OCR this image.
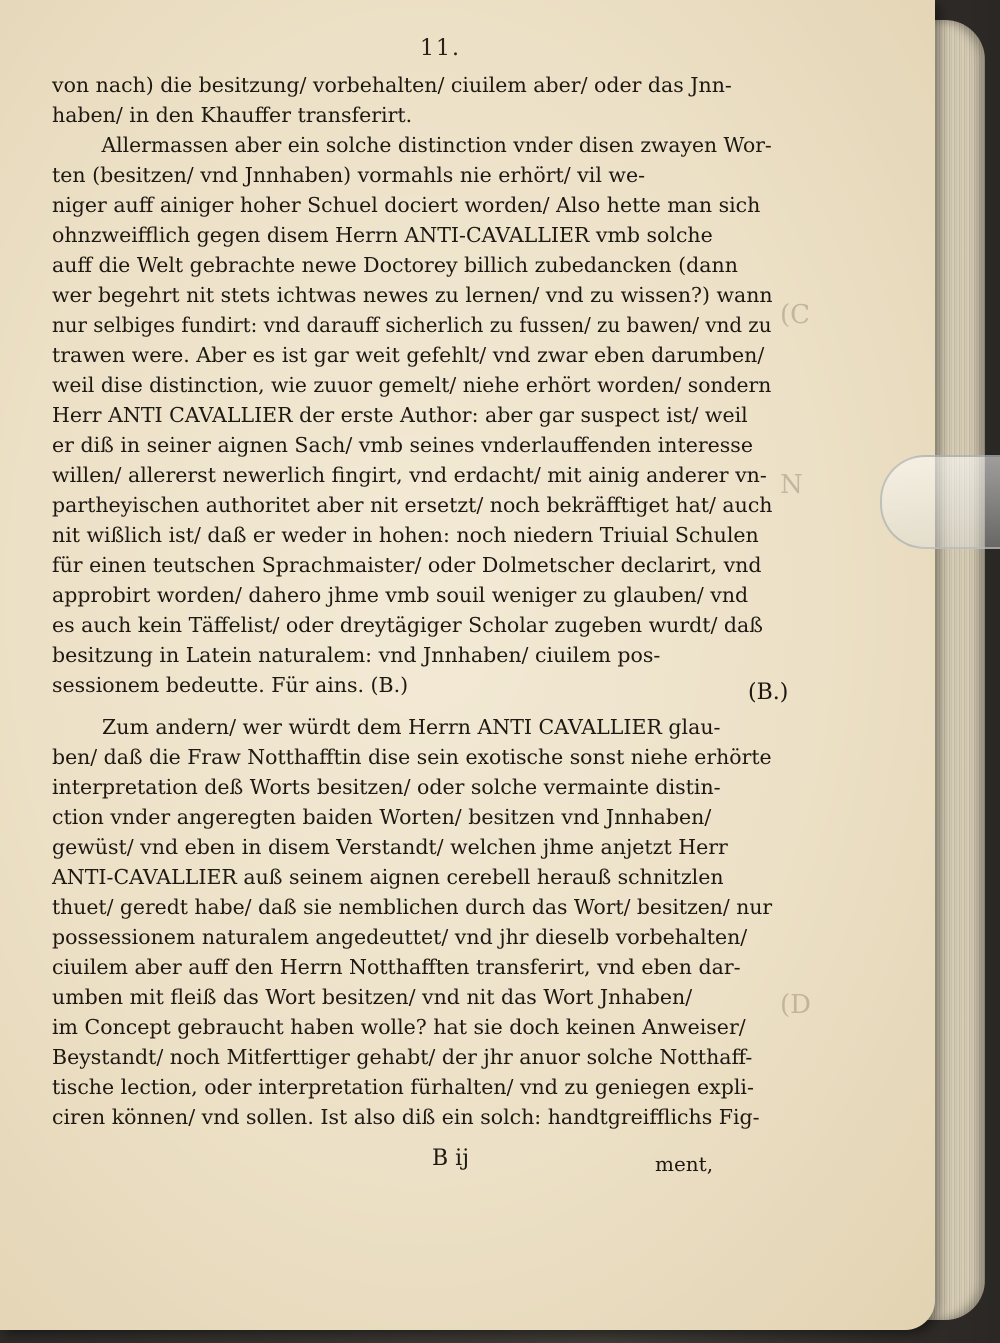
(C
N
(D
11.
von nach) die besitzung/ vorbehalten/ ciuilem aber/ oder das Jnn-
haben/ in den Khauffer transferirt.
Allermassen aber ein solche distinction vnder disen zwayen Wor-
ten (besitzen/ vnd Jnnhaben) vormahls nie erhört/ vil we-
niger auff ainiger hoher Schuel dociert worden/ Also hette man sich
ohnzweifflich gegen disem Herrn ANTI-CAVALLIER vmb solche
auff die Welt gebrachte newe Doctorey billich zubedancken (dann
wer begehrt nit stets ichtwas newes zu lernen/ vnd zu wissen?) wann
nur selbiges fundirt: vnd darauff sicherlich zu fussen/ zu bawen/ vnd zu
trawen were. Aber es ist gar weit gefehlt/ vnd zwar eben darumben/
weil dise distinction, wie zuuor gemelt/ niehe erhört worden/ sondern
Herr ANTI CAVALLIER der erste Author: aber gar suspect ist/ weil
er diß in seiner aignen Sach/ vmb seines vnderlauffenden interesse
willen/ allererst newerlich fingirt, vnd erdacht/ mit ainig anderer vn-
partheyischen authoritet aber nit ersetzt/ noch bekräfftiget hat/ auch
nit wißlich ist/ daß er weder in hohen: noch niedern Triuial Schulen
für einen teutschen Sprachmaister/ oder Dolmetscher declarirt, vnd
approbirt worden/ dahero jhme vmb souil weniger zu glauben/ vnd
es auch kein Täffelist/ oder dreytägiger Scholar zugeben wurdt/ daß
besitzung in Latein naturalem: vnd Jnnhaben/ ciuilem pos-
sessionem bedeutte. Für ains. (B.)
Zum andern/ wer würdt dem Herrn ANTI CAVALLIER glau-
ben/ daß die Fraw Notthafftin dise sein exotische sonst niehe erhörte
interpretation deß Worts besitzen/ oder solche vermainte distin-
ction vnder angeregten baiden Worten/ besitzen vnd Jnnhaben/
gewüst/ vnd eben in disem Verstandt/ welchen jhme anjetzt Herr
ANTI-CAVALLIER auß seinem aignen cerebell herauß schnitzlen
thuet/ geredt habe/ daß sie nemblichen durch das Wort/ besitzen/ nur
possessionem naturalem angedeuttet/ vnd jhr dieselb vorbehalten/
ciuilem aber auff den Herrn Notthafften transferirt, vnd eben dar-
umben mit fleiß das Wort besitzen/ vnd nit das Wort Jnhaben/
im Concept gebraucht haben wolle? hat sie doch keinen Anweiser/
Beystandt/ noch Mitferttiger gehabt/ der jhr anuor solche Notthaff-
tische lection, oder interpretation fürhalten/ vnd zu geniegen expli-
ciren können/ vnd sollen. Ist also diß ein solch: handtgreifflichs Fig-
(B.)
B ij	ment,
